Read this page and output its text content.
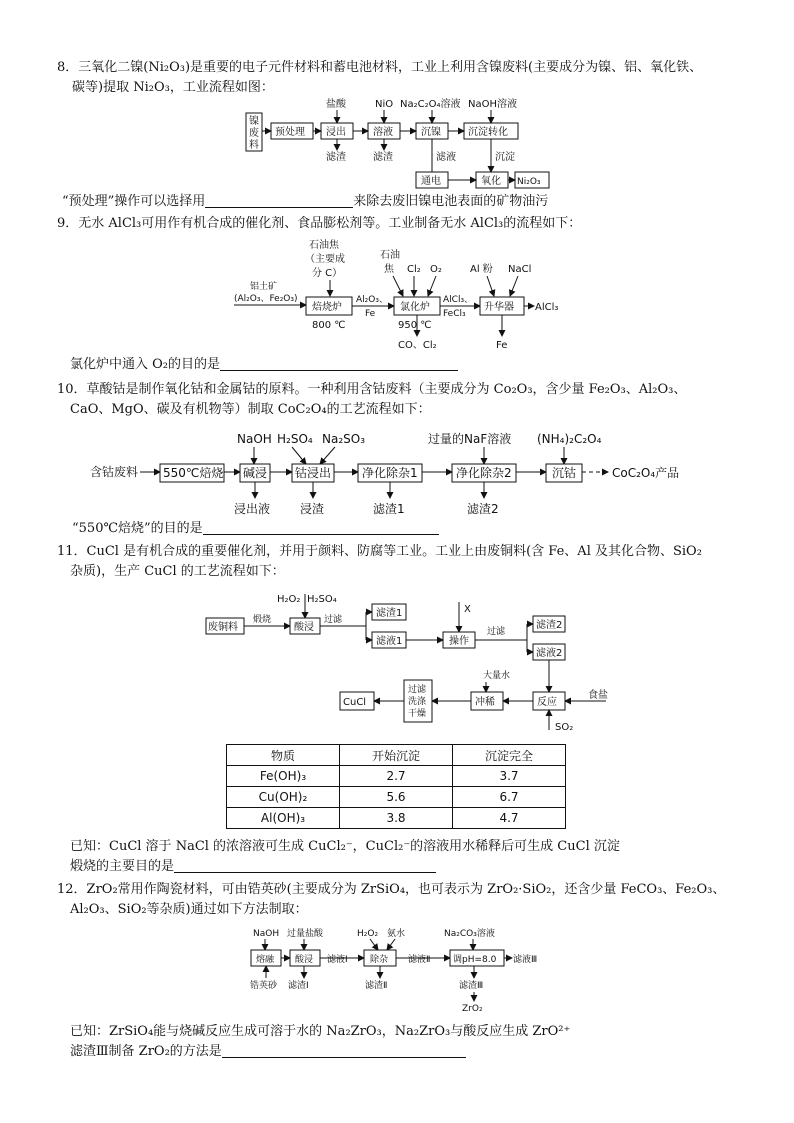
镍
废
料
预处理 浸出	溶液	沉镍	沉淀转化
盐酸	NiO Na₂C₂O₄溶液 NaOH溶液
滤渣	滤渣	滤液	沉淀
通电	氧化 Ni₂O₃
石油焦
（主要成
分 C）
石油
焦 Cl₂ O₂	Al 粉 NaCl
铝土矿
(Al₂O₃、Fe₂O₃)
焙烧炉
800 ℃
Al₂O₃、
Fe
氯化炉
950 ℃
AlCl₃、
FeCl₃
升华器 AlCl₃
CO、Cl₂	Fe
NaOH H₂SO₄ Na₂SO₃	过量的NaF溶液 (NH₄)₂C₂O₄
含钴废料 550℃焙烧 碱浸 钴浸出	净化除杂1	净化除杂2	沉钴	CoC₂O₄产品
浸出液 浸渣	滤渣1	滤渣2
H₂O₂ H₂SO₄
废铜料
煅烧
酸浸
过滤
滤渣1
滤液1
X
操作
过滤
滤渣2
滤液2
食盐
反应
SO₂
大量水
冲稀
过滤
洗涤
干燥
CuCl
NaOH 过量盐酸	H₂O₂ 氨水	Na₂CO₃溶液
熔融 酸浸 滤液Ⅰ 除杂 滤液Ⅱ	调pH=8.0 滤液Ⅲ
锆英砂 滤渣Ⅰ	滤渣Ⅱ	滤渣Ⅲ
ZrO₂
8．三氧化二镍(Ni₂O₃)是重要的电子元件材料和蓄电池材料，工业上利用含镍废料(主要成分为镍、铝、氧化铁、
碳等)提取 Ni₂O₃，工业流程如图：
“预处理”操作可以选择用	来除去废旧镍电池表面的矿物油污
9．无水 AlCl₃可用作有机合成的催化剂、食品膨松剂等。工业制备无水 AlCl₃的流程如下：
氯化炉中通入 O₂的目的是
10．草酸钴是制作氧化钴和金属钴的原料。一种利用含钴废料（主要成分为 Co₂O₃，含少量 Fe₂O₃、Al₂O₃、
CaO、MgO、碳及有机物等）制取 CoC₂O₄的工艺流程如下：
“550℃焙烧”的目的是
11．CuCl 是有机合成的重要催化剂，并用于颜料、防腐等工业。工业上由废铜料(含 Fe、Al 及其化合物、SiO₂
杂质)，生产 CuCl 的工艺流程如下：
物质	开始沉淀	沉淀完全
Fe(OH)₃	2.7	3.7
Cu(OH)₂	5.6	6.7
Al(OH)₃	3.8	4.7
已知：CuCl 溶于 NaCl 的浓溶液可生成 CuCl₂⁻，CuCl₂⁻的溶液用水稀释后可生成 CuCl 沉淀
煅烧的主要目的是
12．ZrO₂常用作陶瓷材料，可由锆英砂(主要成分为 ZrSiO₄，也可表示为 ZrO₂·SiO₂，还含少量 FeCO₃、Fe₂O₃、
Al₂O₃、SiO₂等杂质)通过如下方法制取：
已知：ZrSiO₄能与烧碱反应生成可溶于水的 Na₂ZrO₃，Na₂ZrO₃与酸反应生成 ZrO²⁺
滤渣Ⅲ制备 ZrO₂的方法是
